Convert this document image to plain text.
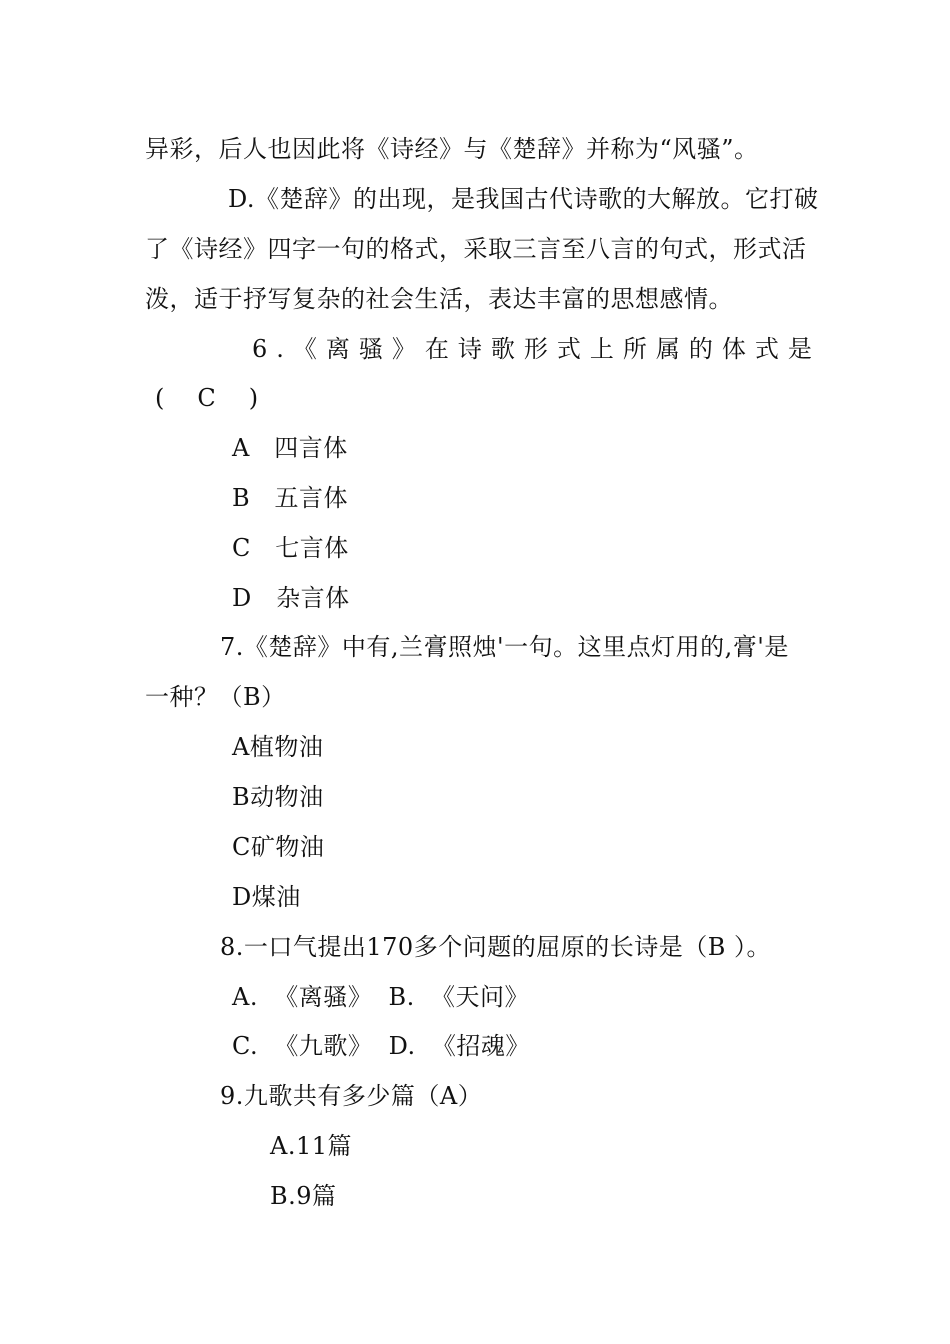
异彩，后人也因此将《诗经》与《楚辞》并称为“风骚”。
D.《楚辞》的出现，是我国古代诗歌的大解放。它打破
了《诗经》四字一句的格式，采取三言至八言的句式，形式活
泼，适于抒写复杂的社会生活，表达丰富的思想感情。
6.《离骚》在诗歌形式上所属的体式是
(    C    )
A   四言体
B   五言体
C   七言体
D   杂言体
7.《楚辞》中有,兰膏照烛'一句。这里点灯用的,膏'是
一种？（B）
A植物油
B动物油
C矿物油
D煤油
8.一口气提出170多个问题的屈原的长诗是（B ）。
A.  《离骚》  B.  《天问》
C.  《九歌》  D.  《招魂》
9.九歌共有多少篇（A）
A.11篇
B.9篇
